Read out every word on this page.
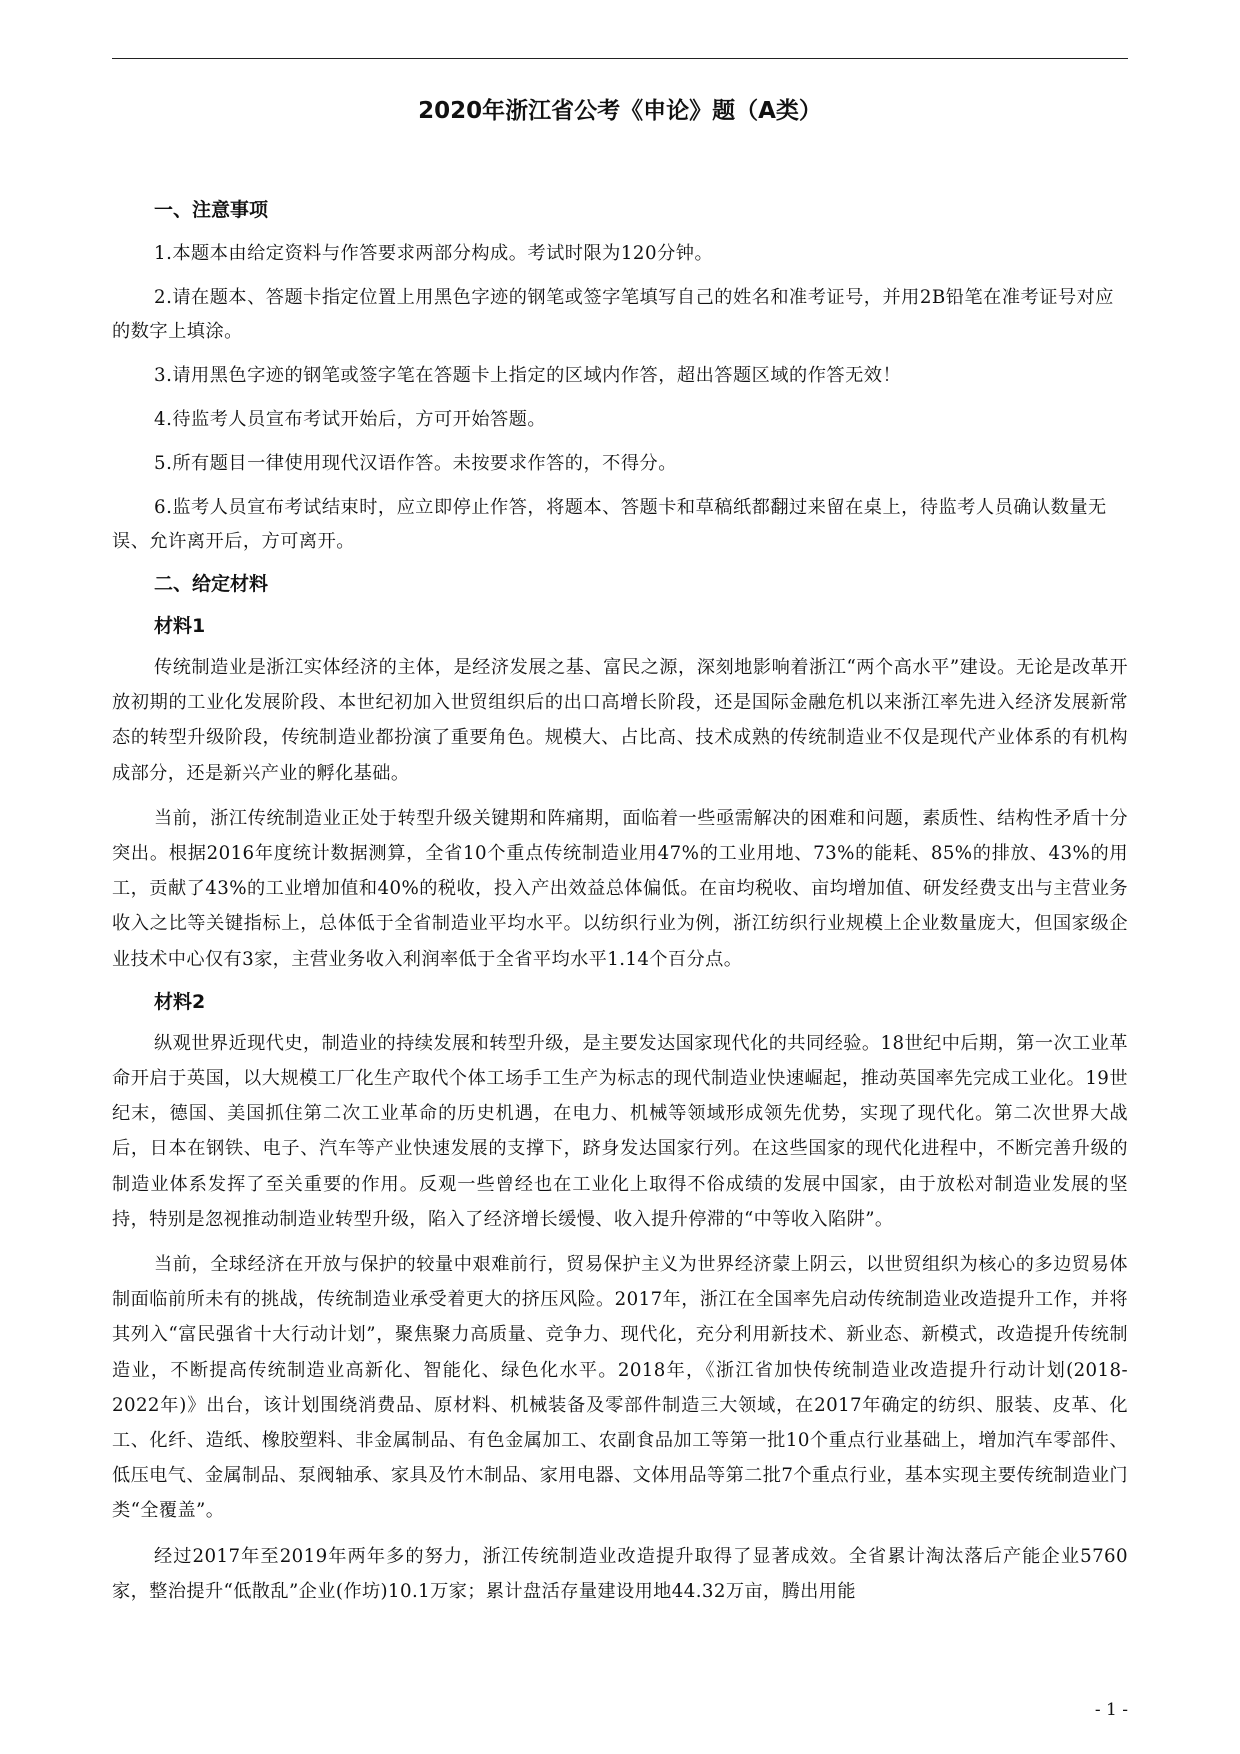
2020年浙江省公考《申论》题（A类）
一、注意事项

1.本题本由给定资料与作答要求两部分构成。考试时限为120分钟。

2.请在题本、答题卡指定位置上用黑色字迹的钢笔或签字笔填写自己的姓名和准考证号，并用2B铅笔在准考证号对应的数字上填涂。

3.请用黑色字迹的钢笔或签字笔在答题卡上指定的区域内作答，超出答题区域的作答无效！

4.待监考人员宣布考试开始后，方可开始答题。

5.所有题目一律使用现代汉语作答。未按要求作答的，不得分。

6.监考人员宣布考试结束时，应立即停止作答，将题本、答题卡和草稿纸都翻过来留在桌上，待监考人员确认数量无误、允许离开后，方可离开。

二、给定材料
材料1

传统制造业是浙江实体经济的主体，是经济发展之基、富民之源，深刻地影响着浙江“两个高水平”建设。无论是改革开放初期的工业化发展阶段、本世纪初加入世贸组织后的出口高增长阶段，还是国际金融危机以来浙江率先进入经济发展新常态的转型升级阶段，传统制造业都扮演了重要角色。规模大、占比高、技术成熟的传统制造业不仅是现代产业体系的有机构成部分，还是新兴产业的孵化基础。

当前，浙江传统制造业正处于转型升级关键期和阵痛期，面临着一些亟需解决的困难和问题，素质性、结构性矛盾十分突出。根据2016年度统计数据测算，全省10个重点传统制造业用47%的工业用地、73%的能耗、85%的排放、43%的用工，贡献了43%的工业增加值和40%的税收，投入产出效益总体偏低。在亩均税收、亩均增加值、研发经费支出与主营业务收入之比等关键指标上，总体低于全省制造业平均水平。以纺织行业为例，浙江纺织行业规模上企业数量庞大，但国家级企业技术中心仅有3家，主营业务收入利润率低于全省平均水平1.14个百分点。

材料2

纵观世界近现代史，制造业的持续发展和转型升级，是主要发达国家现代化的共同经验。18世纪中后期，第一次工业革命开启于英国，以大规模工厂化生产取代个体工场手工生产为标志的现代制造业快速崛起，推动英国率先完成工业化。19世纪末，德国、美国抓住第二次工业革命的历史机遇，在电力、机械等领域形成领先优势，实现了现代化。第二次世界大战后，日本在钢铁、电子、汽车等产业快速发展的支撑下，跻身发达国家行列。在这些国家的现代化进程中，不断完善升级的制造业体系发挥了至关重要的作用。反观一些曾经也在工业化上取得不俗成绩的发展中国家，由于放松对制造业发展的坚持，特别是忽视推动制造业转型升级，陷入了经济增长缓慢、收入提升停滞的“中等收入陷阱”。

当前，全球经济在开放与保护的较量中艰难前行，贸易保护主义为世界经济蒙上阴云，以世贸组织为核心的多边贸易体制面临前所未有的挑战，传统制造业承受着更大的挤压风险。2017年，浙江在全国率先启动传统制造业改造提升工作，并将其列入“富民强省十大行动计划”，聚焦聚力高质量、竞争力、现代化，充分利用新技术、新业态、新模式，改造提升传统制造业，不断提高传统制造业高新化、智能化、绿色化水平。2018年，《浙江省加快传统制造业改造提升行动计划(2018-2022年)》出台，该计划围绕消费品、原材料、机械装备及零部件制造三大领域，在2017年确定的纺织、服装、皮革、化工、化纤、造纸、橡胶塑料、非金属制品、有色金属加工、农副食品加工等第一批10个重点行业基础上，增加汽车零部件、低压电气、金属制品、泵阀轴承、家具及竹木制品、家用电器、文体用品等第二批7个重点行业，基本实现主要传统制造业门类“全覆盖”。

经过2017年至2019年两年多的努力，浙江传统制造业改造提升取得了显著成效。全省累计淘汰落后产能企业5760家，整治提升“低散乱”企业(作坊)10.1万家；累计盘活存量建设用地44.32万亩，腾出用能

- 1 -
